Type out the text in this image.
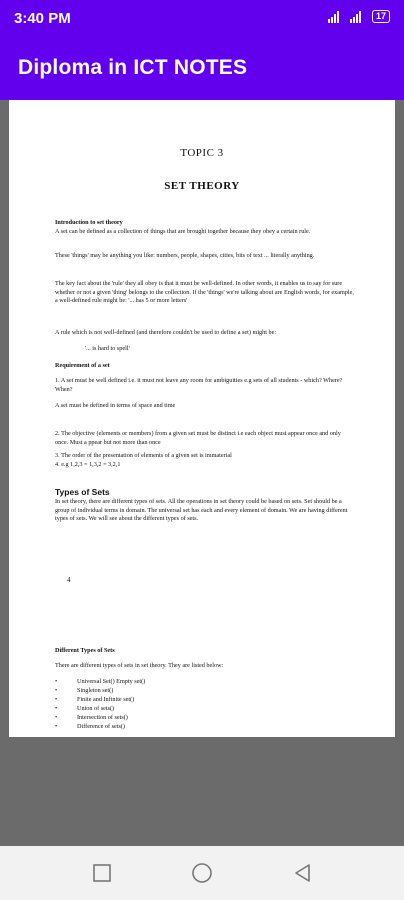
3:40 PM	17
Diploma in ICT NOTES
TOPIC 3
SET THEORY
Introduction to set theory
A set can be defined as a collection of things that are brought together because they obey a certain rule.
These 'things' may be anything you like: numbers, people, shapes, cities, bits of text ... literally anything.
The key fact about the 'rule' they all obey is that it must be well-defined. In other words, it enables us to say for sure whether or not a given 'thing' belongs to the collection. If the 'things' we're talking about are English words, for example, a well-defined rule might be: '... has 5 or more letters'
A rule which is not well-defined (and therefore couldn't be used to define a set) might be:
'... is hard to spell'
Requirement of a set
1. A set must be well defined i.e. it must not leave any room for ambiguities e.g sets of all students - which? Where? When?
A set must be defined in terms of space and time
2. The objective (elements or members) from a given set must be distinct i.e each object must appear once and only once. Must a ppear but not more than once
3. The order of the presentation of elements of a given set is immaterial
4. e.g 1,2,3 = 1,3,2 = 3,2,1
Types of Sets
In set theory, there are different types of sets. All the operations in set theory could be based on sets. Set should be a group of individual terms in domain. The universal set has each and every element of domain. We are having different types of sets. We will see about the different types of sets.
4
Different Types of Sets
There are different types of sets in set theory. They are listed below:
•	Universal Set() Empty set()
•	Singleton set()
•	Finite and Infinite set()
•	Union of sets()
•	Intersection of sets()
•	Difference of sets()
